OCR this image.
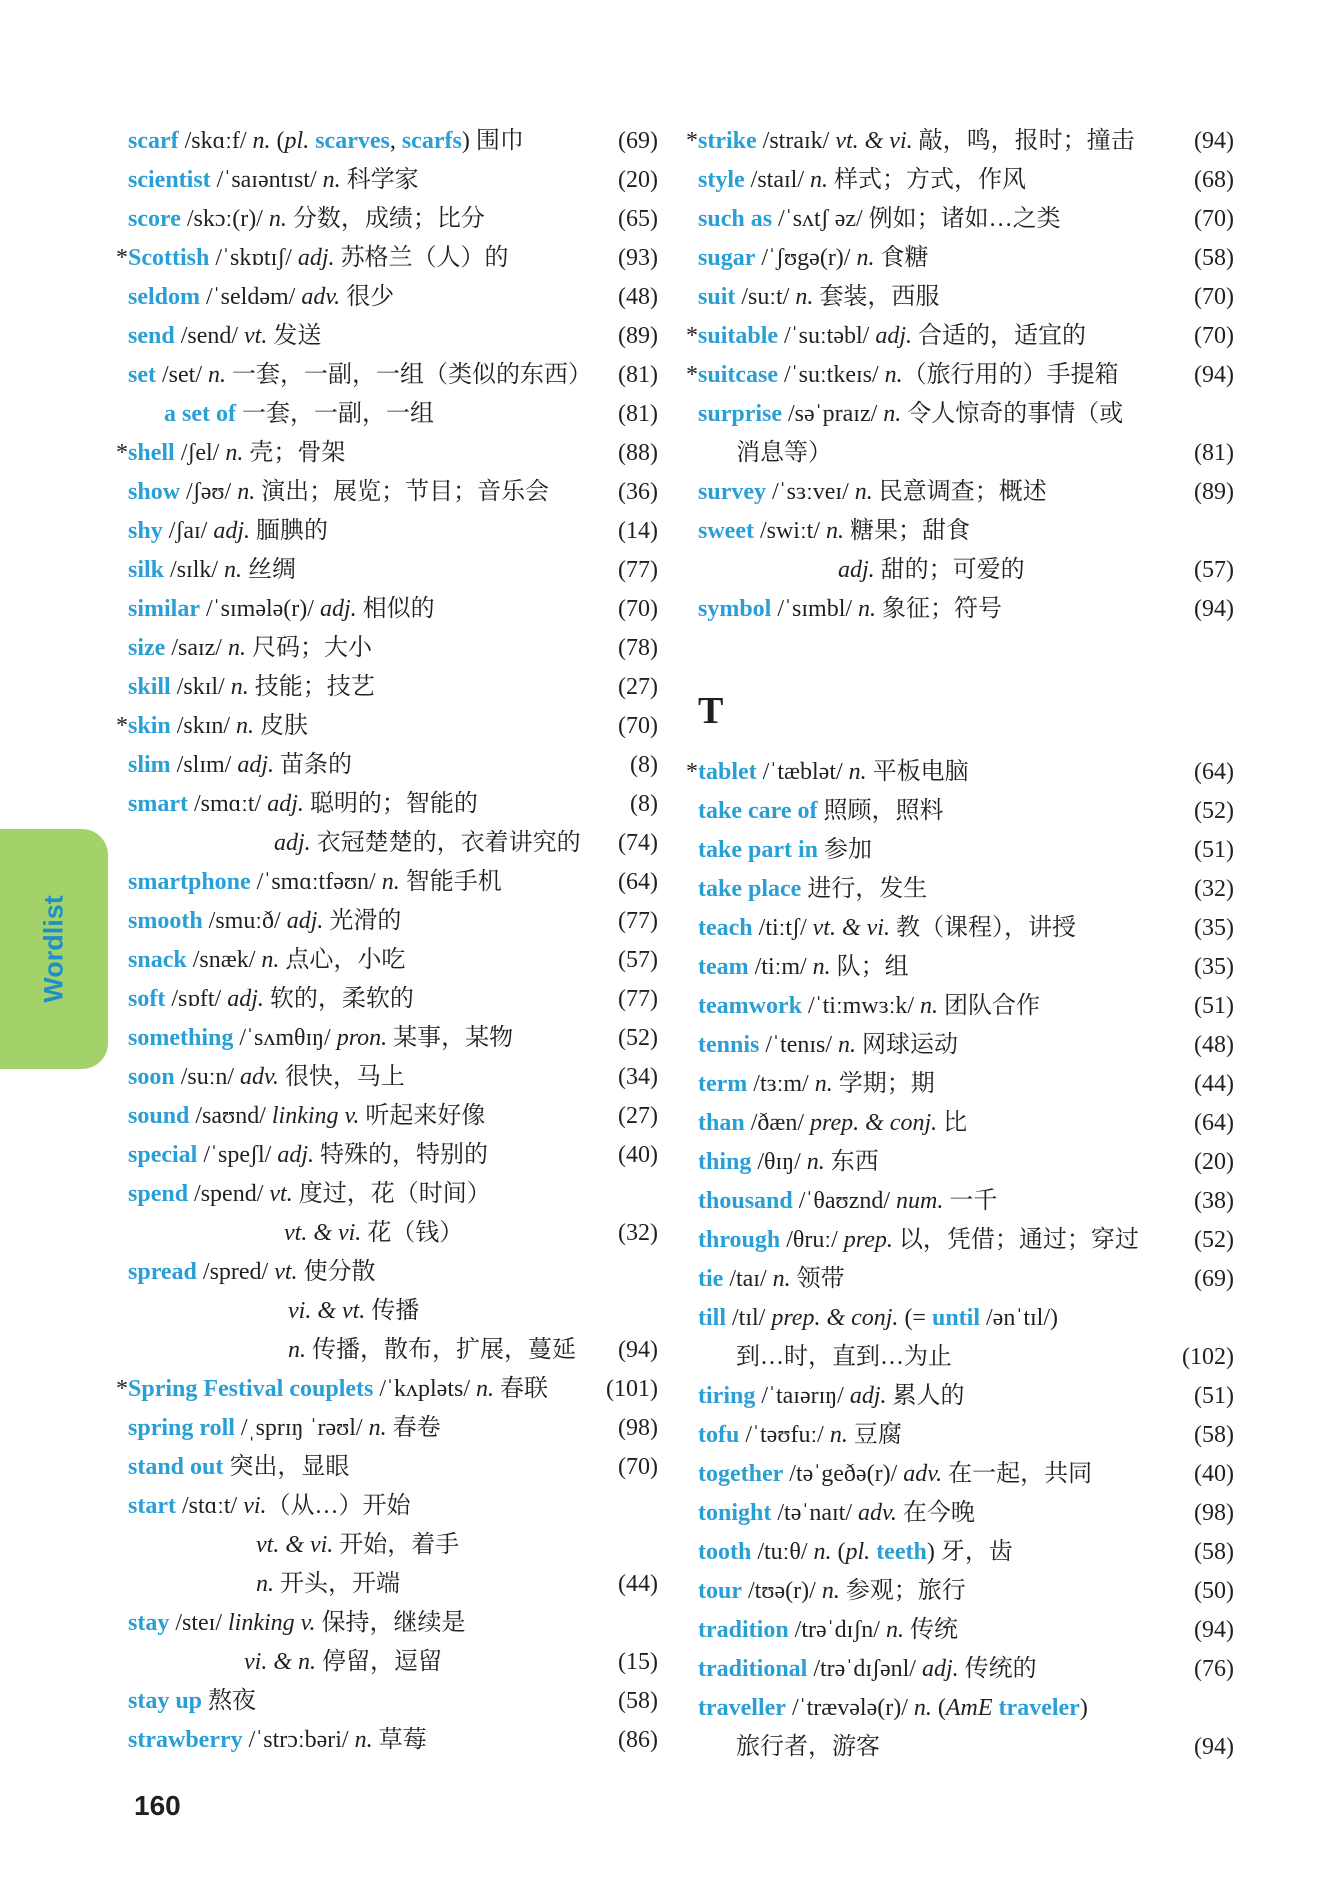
scarf /skɑːf/ n. (pl. scarves, scarfs) 围巾	(69)
scientist /ˈsaɪəntɪst/ n. 科学家	(20)
score /skɔː(r)/ n. 分数，成绩；比分	(65)
* Scottish /ˈskɒtɪʃ/ adj. 苏格兰（人）的	(93)
seldom /ˈseldəm/ adv. 很少	(48)
send /send/ vt. 发送	(89)
set /set/ n. 一套，一副，一组（类似的东西） (81)
a set of 一套，一副，一组	(81)
* shell /ʃel/ n. 壳；骨架	(88)
show /ʃəʊ/ n. 演出；展览；节目；音乐会	(36)
shy /ʃaɪ/ adj. 腼腆的	(14)
silk /sɪlk/ n. 丝绸	(77)
similar /ˈsɪmələ(r)/ adj. 相似的	(70)
size /saɪz/ n. 尺码；大小	(78)
skill /skɪl/ n. 技能；技艺	(27)
* skin /skɪn/ n. 皮肤	(70)
slim /slɪm/ adj. 苗条的	(8)
smart /smɑːt/ adj. 聪明的；智能的	(8)
adj. 衣冠楚楚的，衣着讲究的 (74)
smartphone /ˈsmɑːtfəʊn/ n. 智能手机	(64)
smooth /smuːð/ adj. 光滑的	(77)
snack /snæk/ n. 点心，小吃	(57)
soft /sɒft/ adj. 软的，柔软的	(77)
something /ˈsʌmθɪŋ/ pron. 某事，某物	(52)
soon /suːn/ adv. 很快，马上	(34)
sound /saʊnd/ linking v. 听起来好像	(27)
special /ˈspeʃl/ adj. 特殊的，特别的	(40)
spend /spend/ vt. 度过，花（时间）
vt. & vi. 花（钱）	(32)
spread /spred/ vt. 使分散
vi. & vt. 传播
n. 传播，散布，扩展，蔓延 (94)
* Spring Festival couplets /ˈkʌpləts/ n. 春联 (101)
spring roll /ˌsprɪŋ ˈrəʊl/ n. 春卷	(98)
stand out 突出，显眼	(70)
start /stɑːt/ vi.（从…）开始
vt. & vi. 开始，着手
n. 开头，开端	(44)
stay /steɪ/ linking v. 保持，继续是
vi. & n. 停留，逗留	(15)
stay up 熬夜	(58)
strawberry /ˈstrɔːbəri/ n. 草莓	(86)
* strike /straɪk/ vt. & vi. 敲，鸣，报时；撞击 (94)
style /staɪl/ n. 样式；方式，作风	(68)
such as /ˈsʌtʃ əz/ 例如；诸如…之类	(70)
sugar /ˈʃʊgə(r)/ n. 食糖	(58)
suit /suːt/ n. 套装，西服	(70)
* suitable /ˈsuːtəbl/ adj. 合适的，适宜的	(70)
* suitcase /ˈsuːtkeɪs/ n.（旅行用的）手提箱	(94)
surprise /səˈpraɪz/ n. 令人惊奇的事情（或
消息等）	(81)
survey /ˈsɜːveɪ/ n. 民意调查；概述	(89)
sweet /swiːt/ n. 糖果；甜食
adj. 甜的；可爱的	(57)
symbol /ˈsɪmbl/ n. 象征；符号	(94)
T
* tablet /ˈtæblət/ n. 平板电脑	(64)
take care of 照顾，照料	(52)
take part in 参加	(51)
take place 进行，发生	(32)
teach /tiːtʃ/ vt. & vi. 教（课程），讲授	(35)
team /tiːm/ n. 队；组	(35)
teamwork /ˈtiːmwɜːk/ n. 团队合作	(51)
tennis /ˈtenɪs/ n. 网球运动	(48)
term /tɜːm/ n. 学期；期	(44)
than /ðæn/ prep. & conj. 比	(64)
thing /θɪŋ/ n. 东西	(20)
thousand /ˈθaʊznd/ num. 一千	(38)
through /θruː/ prep. 以，凭借；通过；穿过 (52)
tie /taɪ/ n. 领带	(69)
till /tɪl/ prep. & conj. (= until /ənˈtɪl/)
到…时，直到…为止	(102)
tiring /ˈtaɪərɪŋ/ adj. 累人的	(51)
tofu /ˈtəʊfuː/ n. 豆腐	(58)
together /təˈgeðə(r)/ adv. 在一起，共同	(40)
tonight /təˈnaɪt/ adv. 在今晚	(98)
tooth /tuːθ/ n. (pl. teeth) 牙，齿	(58)
tour /tʊə(r)/ n. 参观；旅行	(50)
tradition /trəˈdɪʃn/ n. 传统	(94)
traditional /trəˈdɪʃənl/ adj. 传统的	(76)
traveller /ˈtrævələ(r)/ n. (AmE traveler)
旅行者，游客	(94)
Wordlist
160
